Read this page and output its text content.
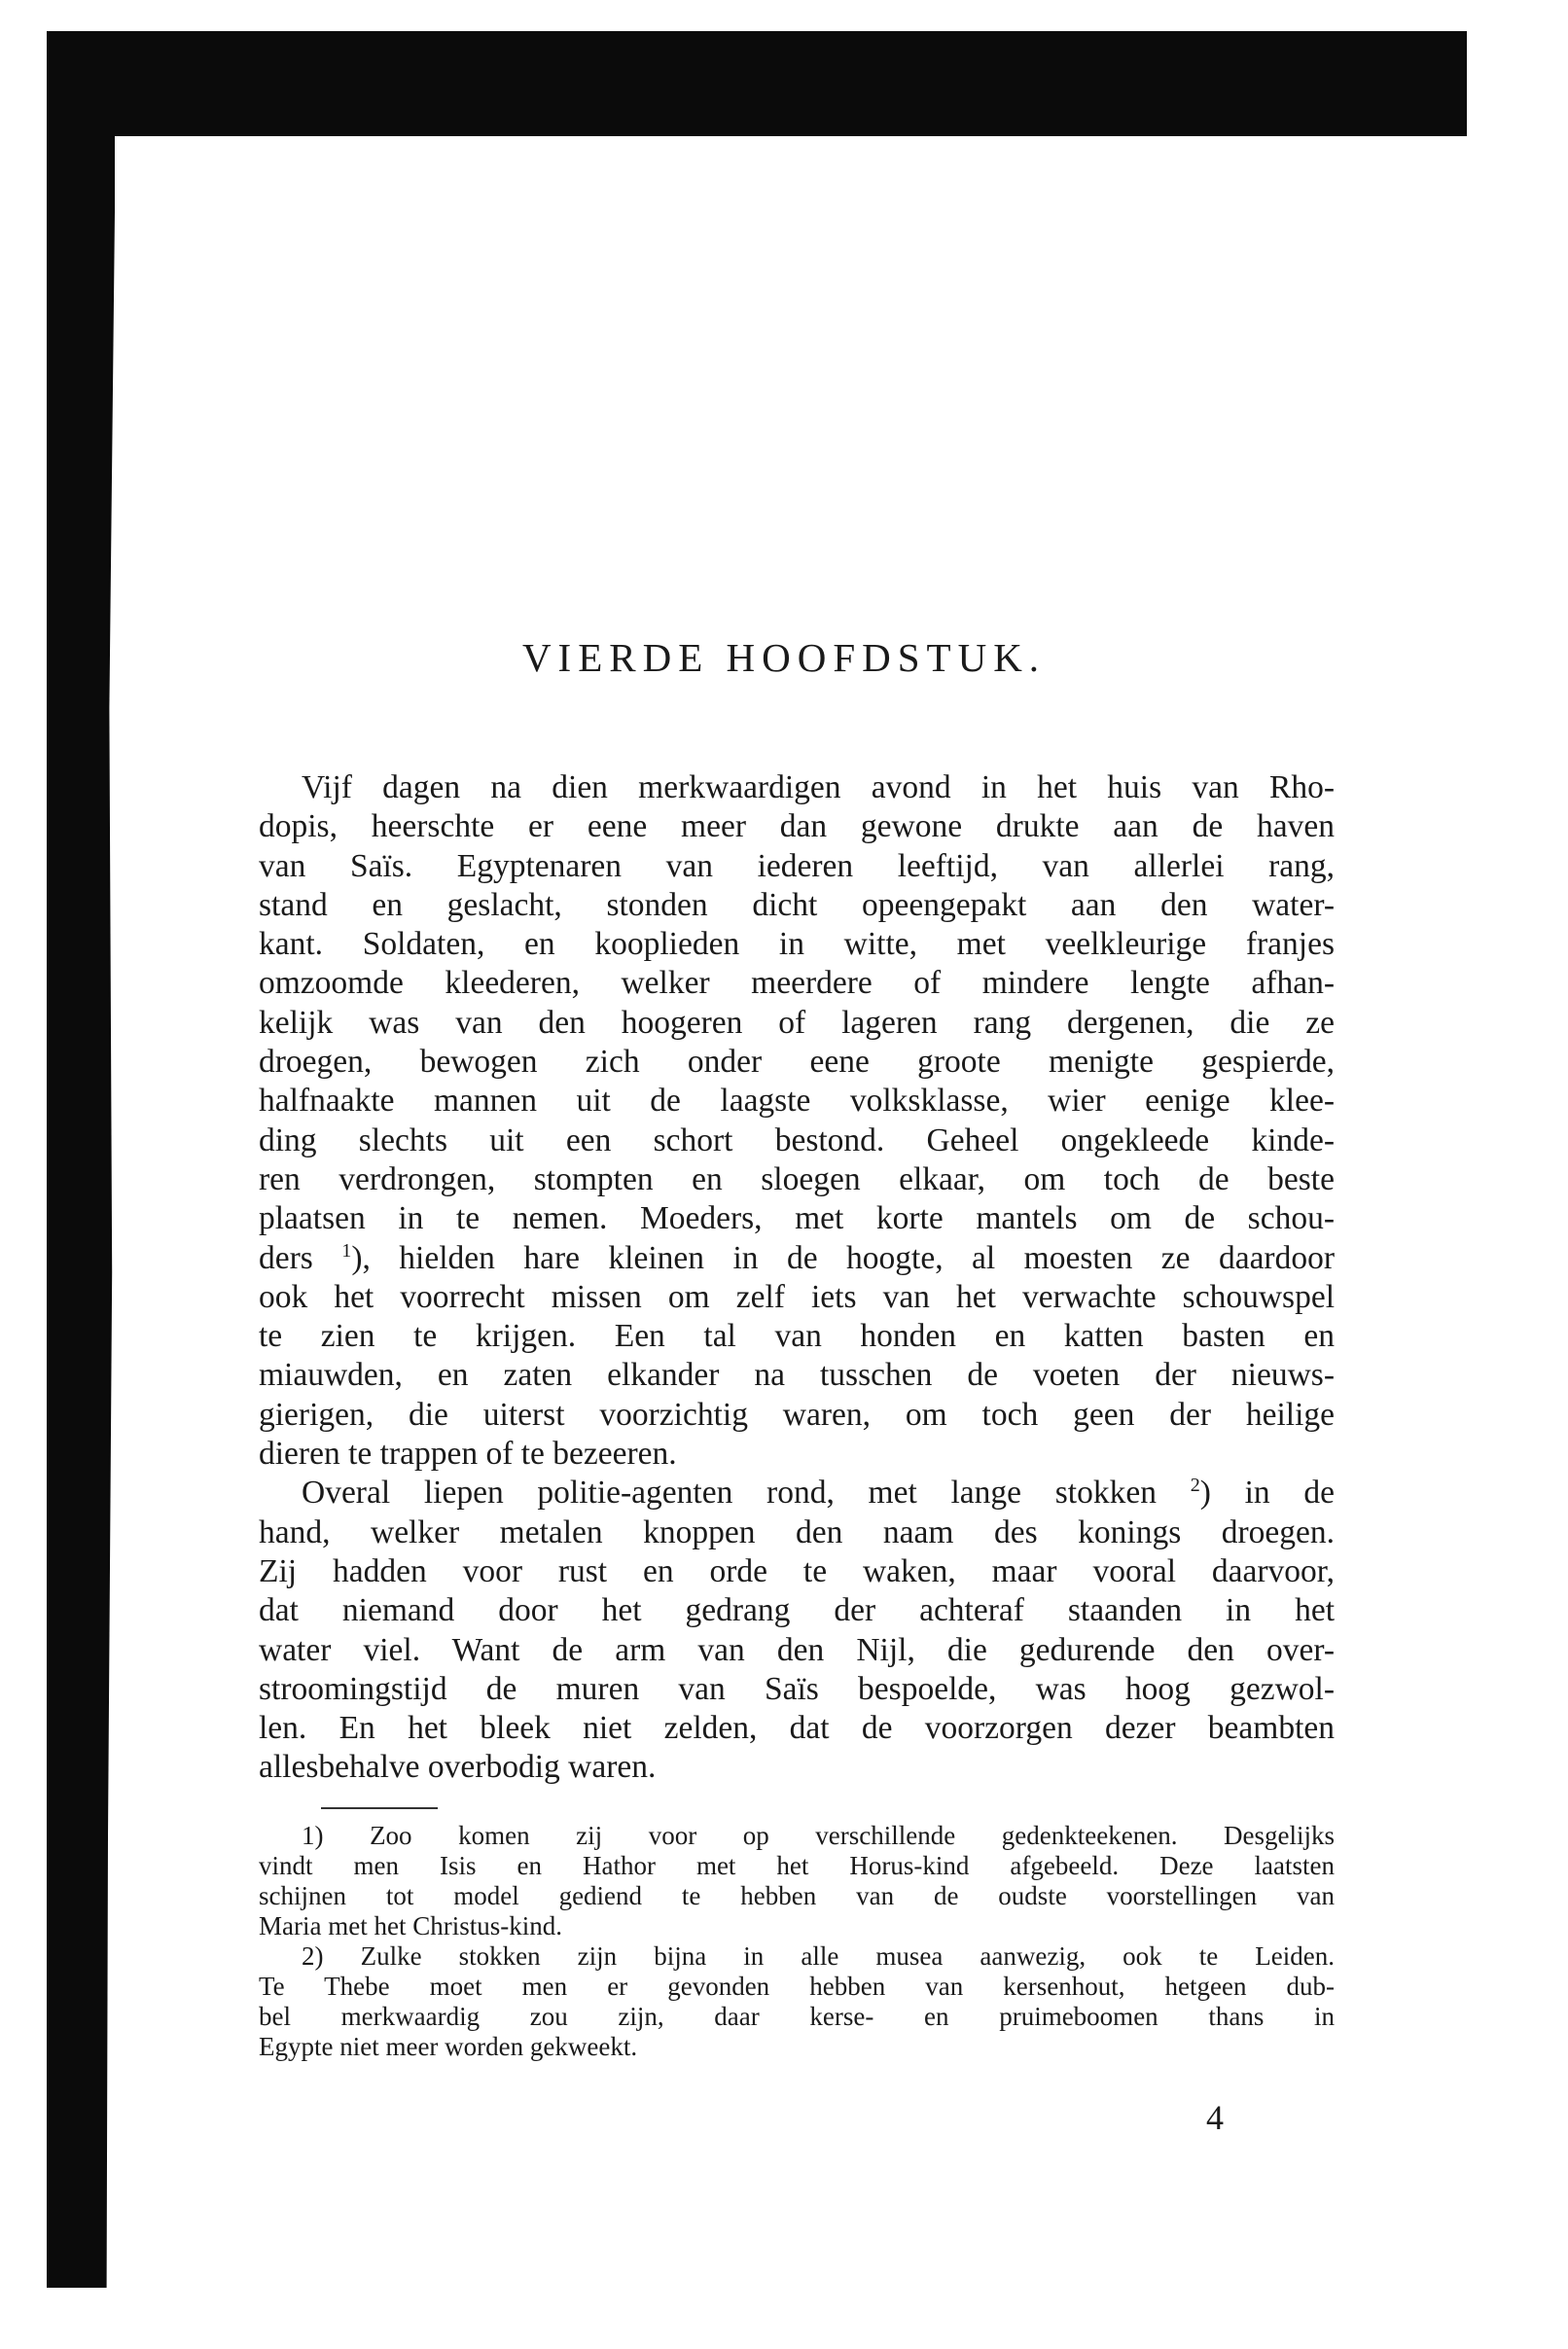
VIERDE HOOFDSTUK.
Vijf dagen na dien merkwaardigen avond in het huis van Rho-
dopis, heerschte er eene meer dan gewone drukte aan de haven
van Saïs. Egyptenaren van iederen leeftijd, van allerlei rang,
stand en geslacht, stonden dicht opeengepakt aan den water-
kant. Soldaten, en kooplieden in witte, met veelkleurige franjes
omzoomde kleederen, welker meerdere of mindere lengte afhan-
kelijk was van den hoogeren of lageren rang dergenen, die ze
droegen, bewogen zich onder eene groote menigte gespierde,
halfnaakte mannen uit de laagste volksklasse, wier eenige klee-
ding slechts uit een schort bestond. Geheel ongekleede kinde-
ren verdrongen, stompten en sloegen elkaar, om toch de beste
plaatsen in te nemen. Moeders, met korte mantels om de schou-
ders $^1$), hielden hare kleinen in de hoogte, al moesten ze daardoor
ook het voorrecht missen om zelf iets van het verwachte schouwspel
te zien te krijgen. Een tal van honden en katten basten en
miauwden, en zaten elkander na tusschen de voeten der nieuws-
gierigen, die uiterst voorzichtig waren, om toch geen der heilige
dieren te trappen of te bezeeren.
Overal liepen politie-agenten rond, met lange stokken $^2$) in de
hand, welker metalen knoppen den naam des konings droegen.
Zij hadden voor rust en orde te waken, maar vooral daarvoor,
dat niemand door het gedrang der achteraf staanden in het
water viel. Want de arm van den Nijl, die gedurende den over-
stroomingstijd de muren van Saïs bespoelde, was hoog gezwol-
len. En het bleek niet zelden, dat de voorzorgen dezer beambten
allesbehalve overbodig waren.
1) Zoo komen zij voor op verschillende gedenkteekenen. Desgelijks
vindt men Isis en Hathor met het Horus-kind afgebeeld. Deze laatsten
schijnen tot model gediend te hebben van de oudste voorstellingen van
Maria met het Christus-kind.
2) Zulke stokken zijn bijna in alle musea aanwezig, ook te Leiden.
Te Thebe moet men er gevonden hebben van kersenhout, hetgeen dub-
bel merkwaardig zou zijn, daar kerse- en pruimeboomen thans in
Egypte niet meer worden gekweekt.
4
